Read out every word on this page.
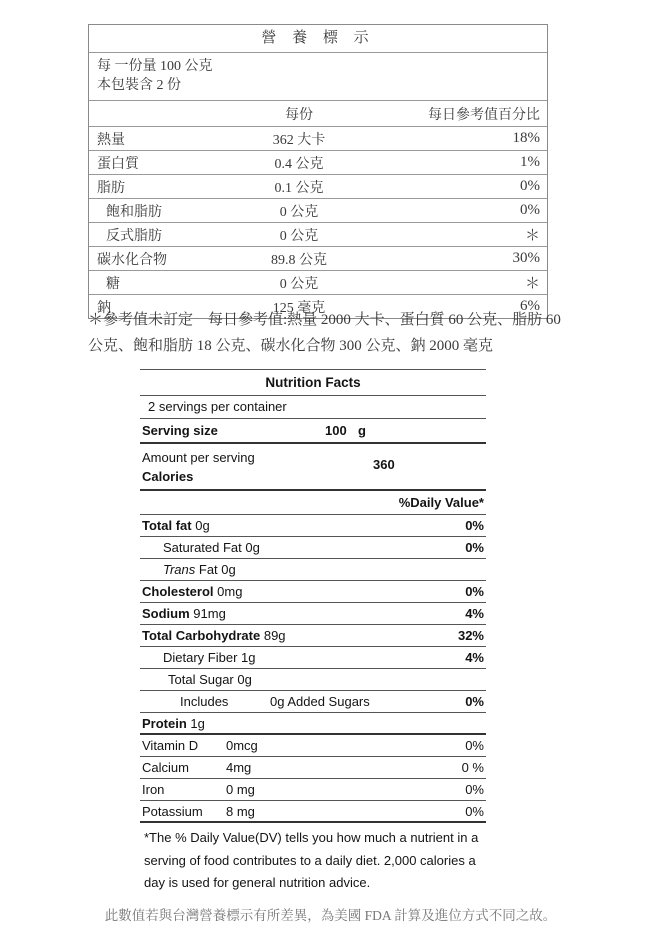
營 養 標 示
每 一份量 100 公克
本包裝含 2 份
每份	每日參考值百分比
熱量	362 大卡	18%
蛋白質	0.4 公克	1%
脂肪	0.1 公克	0%
飽和脂肪	0 公克	0%
反式脂肪	0 公克	＊
碳水化合物	89.8 公克	30%
糖	0 公克	＊
鈉	125 毫克	6%
＊參考值未訂定　每日參考值:熱量 2000 大卡、蛋白質 60 公克、脂肪 60 公克、飽和脂肪 18 公克、碳水化合物 300 公克、鈉 2000 毫克
Nutrition Facts
2 servings per container
Serving size	100 g
Amount per serving
Calories
360
%Daily Value*
Total fat 0g	0%
Saturated Fat 0g	0%
Trans Fat 0g
Cholesterol 0mg	0%
Sodium 91mg	4%
Total Carbohydrate 89g	32%
Dietary Fiber 1g	4%
Total Sugar 0g
Includes	0g Added Sugars	0%
Protein 1g
Vitamin D 0mcg	0%
Calcium	4mg	0 %
Iron	0 mg	0%
Potassium 8 mg	0%
*The % Daily Value(DV) tells you how much a nutrient in a serving of food contributes to a daily diet. 2,000 calories a day is used for general nutrition advice.
此數值若與台灣營養標示有所差異，為美國 FDA 計算及進位方式不同之故。
